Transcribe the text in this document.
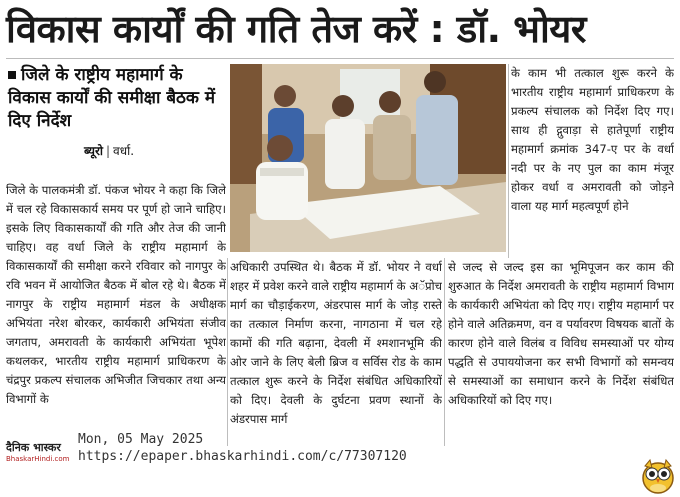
विकास कार्यों की गति तेज करें : डॉ. भोयर
जिले के राष्ट्रीय महामार्ग के विकास कार्यों की समीक्षा बैठक में दिए निर्देश
ब्यूरो | वर्धा.
जिले के पालकमंत्री डॉ. पंकज भोयर ने कहा कि जिले में चल रहे विकासकार्य समय पर पूर्ण हो जाने चाहिए। इसके लिए विकासकार्यों की गति और तेज की जानी चाहिए। वह वर्धा जिले के राष्ट्रीय महामार्ग के विकासकार्यों की समीक्षा करने रविवार को नागपुर के रवि भवन में आयोजित बैठक में बोल रहे थे। बैठक में नागपुर के राष्ट्रीय महामार्ग मंडल के अधीक्षक अभियंता नरेश बोरकर, कार्यकारी अभियंता संजीव जगताप, अमरावती के कार्यकारी अभियंता भूपेश कथलकर, भारतीय राष्ट्रीय महामार्ग प्राधिकरण के चंद्रपुर प्रकल्प संचालक अभिजीत जिचकार तथा अन्य विभागों के
के काम भी तत्काल शुरू करने के भारतीय राष्ट्रीय महामार्ग प्राधिकरण के प्रकल्प संचालक को निर्देश दिए गए। साथ ही द्गुवाड़ा से हातेपूर्णा राष्ट्रीय महामार्ग क्रमांक 347-ए पर के वर्धा नदी पर के नए पुल का काम मंजूर होकर वर्धा व अमरावती को जोड़ने वाला यह मार्ग महत्वपूर्ण होने
अधिकारी उपस्थित थे। बैठक में डॉ. भोयर ने वर्धा शहर में प्रवेश करने वाले राष्ट्रीय महामार्ग के अॅप्रोच मार्ग का चौड़ाईकरण, अंडरपास मार्ग के जोड़ रास्ते का तत्काल निर्माण करना, नागठाना में चल रहे कामों की गति बढ़ाना, देवली में श्मशानभूमि की ओर जाने के लिए बेली ब्रिज व सर्विस रोड के काम तत्काल शुरू करने के निर्देश संबंधित अधिकारियों को दिए। देवली के दुर्घटना प्रवण स्थानों के अंडरपास मार्ग
से जल्द से जल्द इस का भूमिपूजन कर काम की शुरुआत के निर्देश अमरावती के राष्ट्रीय महामार्ग विभाग के कार्यकारी अभियंता को दिए गए। राष्ट्रीय महामार्ग पर होने वाले अतिक्रमण, वन व पर्यावरण विषयक बातों के कारण होने वाले विलंब व विविध समस्याओं पर योग्य पद्धति से उपाययोजना कर सभी विभागों को समन्वय से समस्याओं का समाधान करने के निर्देश संबंधित अधिकारियों को दिए गए।
दैनिक भास्कर
BhaskarHindi.com
Mon, 05 May 2025
https://epaper.bhaskarhindi.com/c/77307120
